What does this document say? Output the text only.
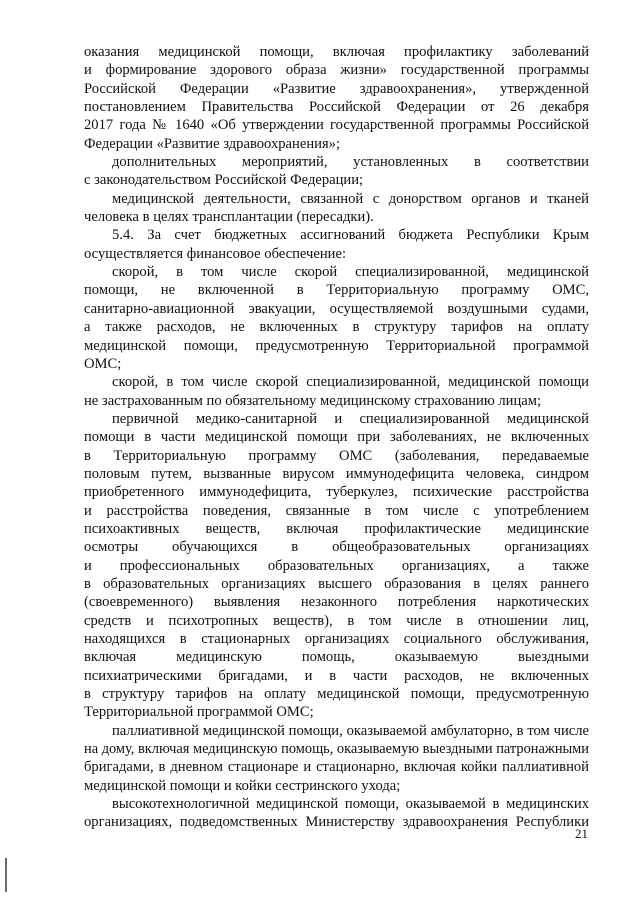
оказания медицинской помощи, включая профилактику заболеваний
и формирование здорового образа жизни» государственной программы
Российской Федерации «Развитие здравоохранения», утвержденной
постановлением Правительства Российской Федерации от 26 декабря
2017 года № 1640 «Об утверждении государственной программы Российской
Федерации «Развитие здравоохранения»;
дополнительных мероприятий, установленных в соответствии
с законодательством Российской Федерации;
медицинской деятельности, связанной с донорством органов и тканей
человека в целях трансплантации (пересадки).
5.4. За счет бюджетных ассигнований бюджета Республики Крым
осуществляется финансовое обеспечение:
скорой, в том числе скорой специализированной, медицинской
помощи, не включенной в Территориальную программу ОМС,
санитарно-авиационной эвакуации, осуществляемой воздушными судами,
а также расходов, не включенных в структуру тарифов на оплату
медицинской помощи, предусмотренную Территориальной программой
ОМС;
скорой, в том числе скорой специализированной, медицинской помощи
не застрахованным по обязательному медицинскому страхованию лицам;
первичной медико-санитарной и специализированной медицинской
помощи в части медицинской помощи при заболеваниях, не включенных
в Территориальную программу ОМС (заболевания, передаваемые
половым путем, вызванные вирусом иммунодефицита человека, синдром
приобретенного иммунодефицита, туберкулез, психические расстройства
и расстройства поведения, связанные в том числе с употреблением
психоактивных веществ, включая профилактические медицинские
осмотры обучающихся в общеобразовательных организациях
и профессиональных образовательных организациях, а также
в образовательных организациях высшего образования в целях раннего
(своевременного) выявления незаконного потребления наркотических
средств и психотропных веществ), в том числе в отношении лиц,
находящихся в стационарных организациях социального обслуживания,
включая медицинскую помощь, оказываемую выездными
психиатрическими бригадами, и в части расходов, не включенных
в структуру тарифов на оплату медицинской помощи, предусмотренную
Территориальной программой ОМС;
паллиативной медицинской помощи, оказываемой амбулаторно, в том числе
на дому, включая медицинскую помощь, оказываемую выездными патронажными
бригадами, в дневном стационаре и стационарно, включая койки паллиативной
медицинской помощи и койки сестринского ухода;
высокотехнологичной медицинской помощи, оказываемой в медицинских
организациях, подведомственных Министерству здравоохранения Республики
21
